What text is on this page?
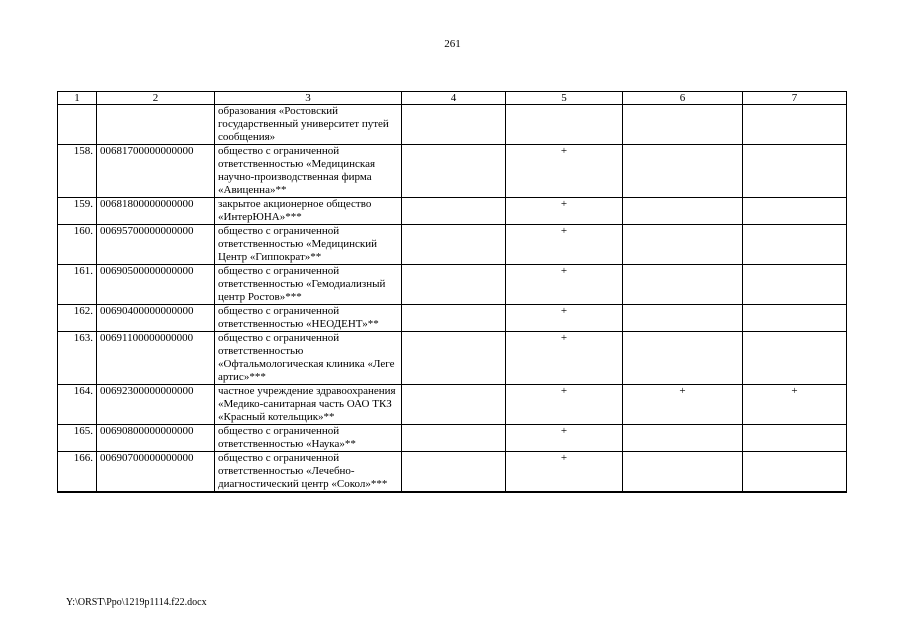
261
1	2	3	4	5	6	7
		образования «Ростовский государственный университет путей сообщения»				
158.	00681700000000000	общество с ограниченной ответственностью «Медицинская научно-производственная фирма «Авиценна»**		+		
159.	00681800000000000	закрытое акционерное общество «ИнтерЮНА»***		+		
160.	00695700000000000	общество с ограниченной ответственностью «Медицинский Центр «Гиппократ»**		+		
161.	00690500000000000	общество с ограниченной ответственностью «Гемодиализный центр Ростов»***		+		
162.	00690400000000000	общество с ограниченной ответственностью «НЕОДЕНТ»**		+		
163.	00691100000000000	общество с ограниченной ответственностью «Офтальмологическая клиника «Леге артис»***		+		
164.	00692300000000000	частное учреждение здравоохранения «Медико-санитарная часть ОАО ТКЗ «Красный котельщик»**		+	+	+
165.	00690800000000000	общество с ограниченной ответственностью «Наука»**		+		
166.	00690700000000000	общество с ограниченной ответственностью «Лечебно-диагностический центр «Сокол»***		+		

Y:\ORST\Ppo\1219p1114.f22.docx
